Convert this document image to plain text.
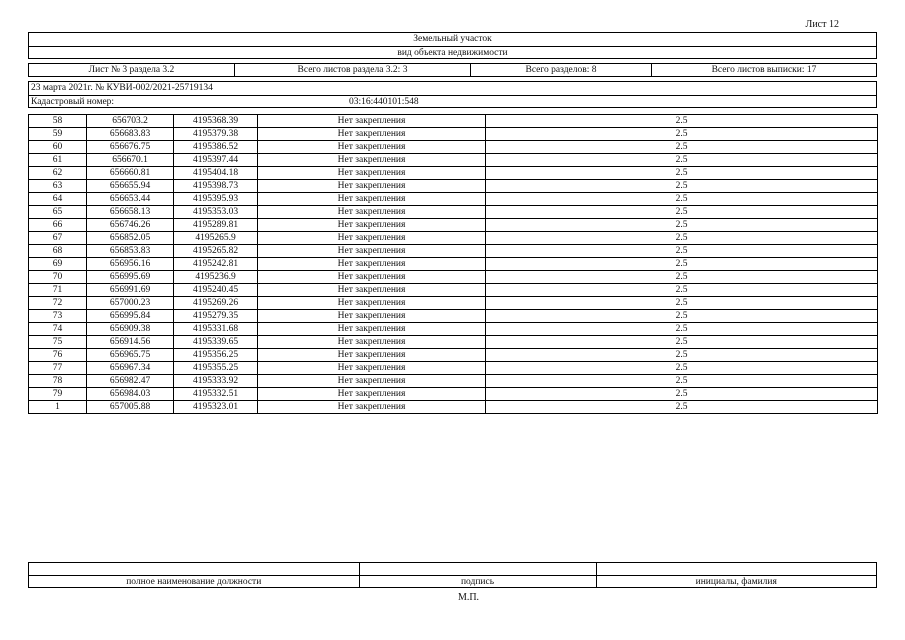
Лист 12
Земельный участок
вид объекта недвижимости
Лист № 3 раздела 3.2	Всего листов раздела 3.2: 3	Всего разделов: 8	Всего листов выписки: 17
23 марта 2021г. № КУВИ-002/2021-25719134
Кадастровый номер:	03:16:440101:548
58	656703.2	4195368.39	Нет закрепления	2.5
59	656683.83	4195379.38	Нет закрепления	2.5
60	656676.75	4195386.52	Нет закрепления	2.5
61	656670.1	4195397.44	Нет закрепления	2.5
62	656660.81	4195404.18	Нет закрепления	2.5
63	656655.94	4195398.73	Нет закрепления	2.5
64	656653.44	4195395.93	Нет закрепления	2.5
65	656658.13	4195353.03	Нет закрепления	2.5
66	656746.26	4195289.81	Нет закрепления	2.5
67	656852.05	4195265.9	Нет закрепления	2.5
68	656853.83	4195265.82	Нет закрепления	2.5
69	656956.16	4195242.81	Нет закрепления	2.5
70	656995.69	4195236.9	Нет закрепления	2.5
71	656991.69	4195240.45	Нет закрепления	2.5
72	657000.23	4195269.26	Нет закрепления	2.5
73	656995.84	4195279.35	Нет закрепления	2.5
74	656909.38	4195331.68	Нет закрепления	2.5
75	656914.56	4195339.65	Нет закрепления	2.5
76	656965.75	4195356.25	Нет закрепления	2.5
77	656967.34	4195355.25	Нет закрепления	2.5
78	656982.47	4195333.92	Нет закрепления	2.5
79	656984.03	4195332.51	Нет закрепления	2.5
1	657005.88	4195323.01	Нет закрепления	2.5

полное наименование должности	подпись	инициалы, фамилия
М.П.
